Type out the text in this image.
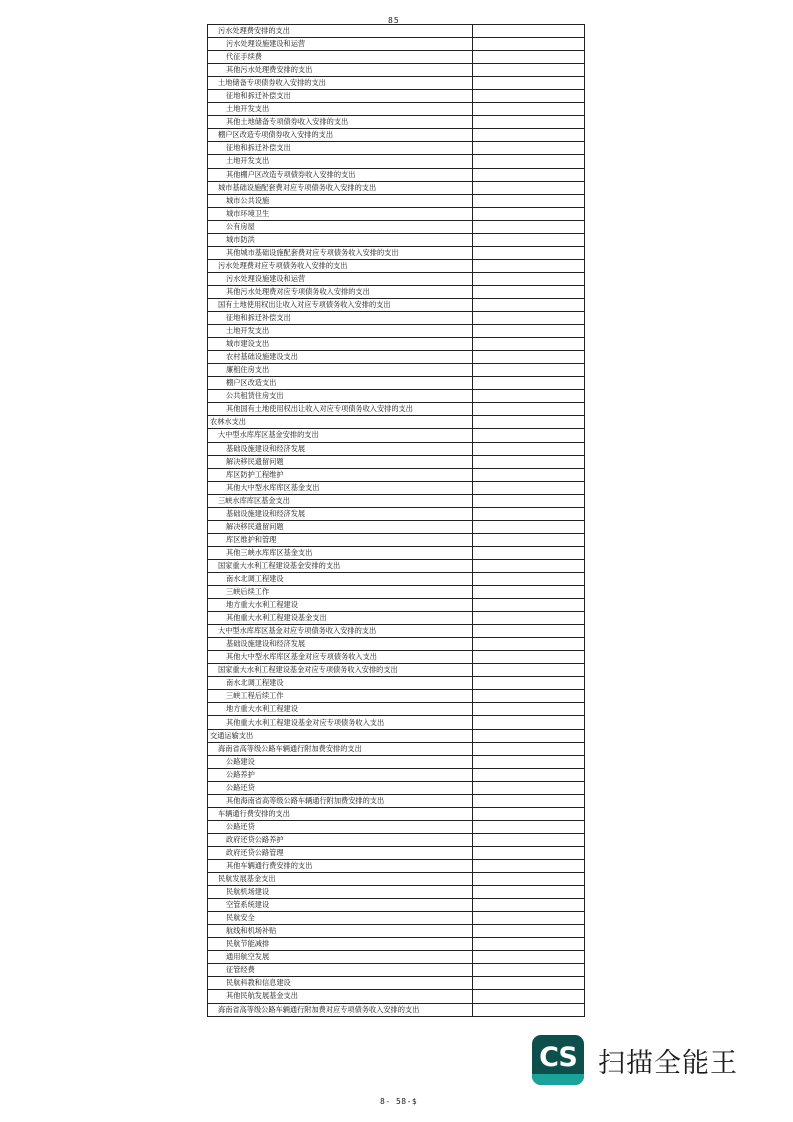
85
污水处理费安排的支出	
污水处理设施建设和运营	
代征手续费	
其他污水处理费安排的支出	
土地储备专项债券收入安排的支出	
征地和拆迁补偿支出	
土地开发支出	
其他土地储备专项债券收入安排的支出	
棚户区改造专项债券收入安排的支出	
征地和拆迁补偿支出	
土地开发支出	
其他棚户区改造专项债券收入安排的支出	
城市基础设施配套费对应专项债务收入安排的支出	
城市公共设施	
城市环境卫生	
公有房屋	
城市防洪	
其他城市基础设施配套费对应专项债务收入安排的支出	
污水处理费对应专项债务收入安排的支出	
污水处理设施建设和运营	
其他污水处理费对应专项债务收入安排的支出	
国有土地使用权出让收入对应专项债务收入安排的支出	
征地和拆迁补偿支出	
土地开发支出	
城市建设支出	
农村基础设施建设支出	
廉租住房支出	
棚户区改造支出	
公共租赁住房支出	
其他国有土地使用权出让收入对应专项债务收入安排的支出	
农林水支出	
大中型水库库区基金安排的支出	
基础设施建设和经济发展	
解决移民遗留问题	
库区防护工程维护	
其他大中型水库库区基金支出	
三峡水库库区基金支出	
基础设施建设和经济发展	
解决移民遗留问题	
库区维护和管理	
其他三峡水库库区基金支出	
国家重大水利工程建设基金安排的支出	
南水北调工程建设	
三峡后续工作	
地方重大水利工程建设	
其他重大水利工程建设基金支出	
大中型水库库区基金对应专项债务收入安排的支出	
基础设施建设和经济发展	
其他大中型水库库区基金对应专项债务收入支出	
国家重大水利工程建设基金对应专项债务收入安排的支出	
南水北调工程建设	
三峡工程后续工作	
地方重大水利工程建设	
其他重大水利工程建设基金对应专项债务收入支出	
交通运输支出	
海南省高等级公路车辆通行附加费安排的支出	
公路建设	
公路养护	
公路还贷	
其他海南省高等级公路车辆通行附加费安排的支出	
车辆通行费安排的支出	
公路还贷	
政府还贷公路养护	
政府还贷公路管理	
其他车辆通行费安排的支出	
民航发展基金支出	
民航机场建设	
空管系统建设	
民航安全	
航线和机场补贴	
民航节能减排	
通用航空发展	
征管经费	
民航科教和信息建设	
其他民航发展基金支出	
海南省高等级公路车辆通行附加费对应专项债务收入安排的支出	
8- 58-$
CS 扫描全能王
